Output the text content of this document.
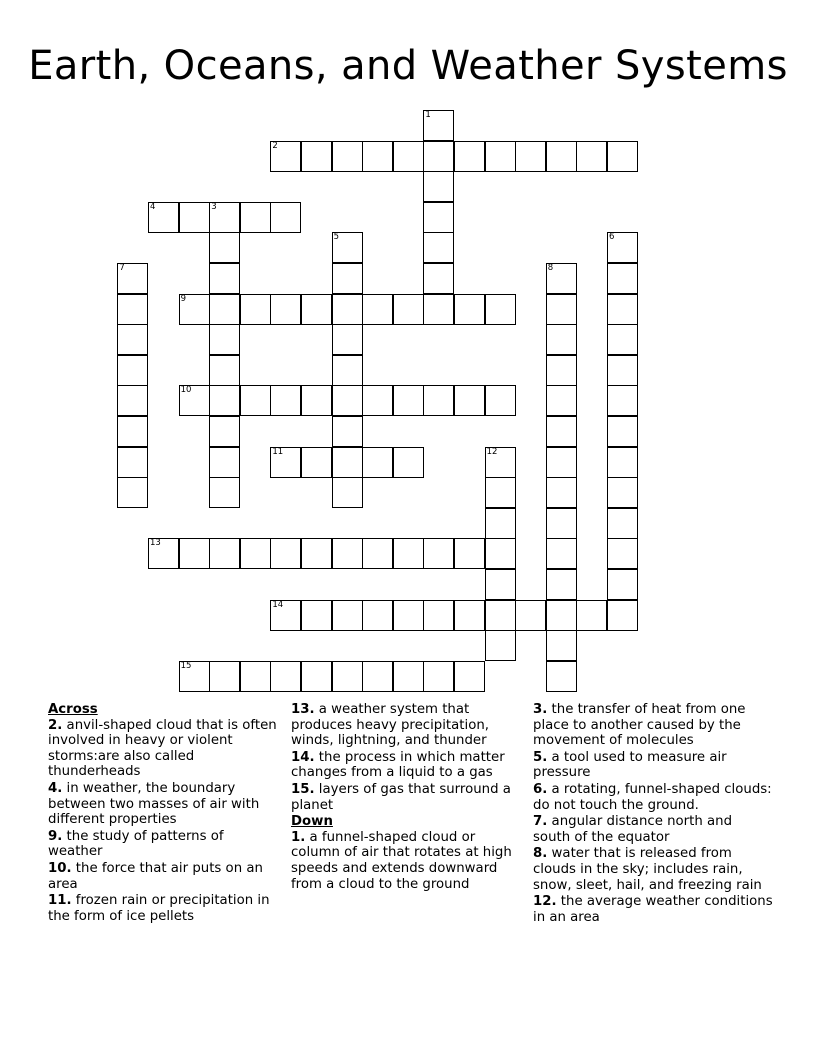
Earth, Oceans, and Weather Systems
1
2
3
4
5	6
7	8
9
10
11	12
13
14
15
Across
2. anvil-shaped cloud that is often involved in heavy or violent storms:are also called thunderheads
4. in weather, the boundary between two masses of air with different properties
9. the study of patterns of weather
10. the force that air puts on an area
11. frozen rain or precipitation in the form of ice pellets
13. a weather system that produces heavy precipitation, winds, lightning, and thunder
14. the process in which matter changes from a liquid to a gas
15. layers of gas that surround a planet
Down
1. a funnel-shaped cloud or column of air that rotates at high speeds and extends downward from a cloud to the ground
3. the transfer of heat from one place to another caused by the movement of molecules
5. a tool used to measure air pressure
6. a rotating, funnel-shaped clouds: do not touch the ground.
7. angular distance north and south of the equator
8. water that is released from clouds in the sky; includes rain, snow, sleet, hail, and freezing rain
12. the average weather conditions in an area
